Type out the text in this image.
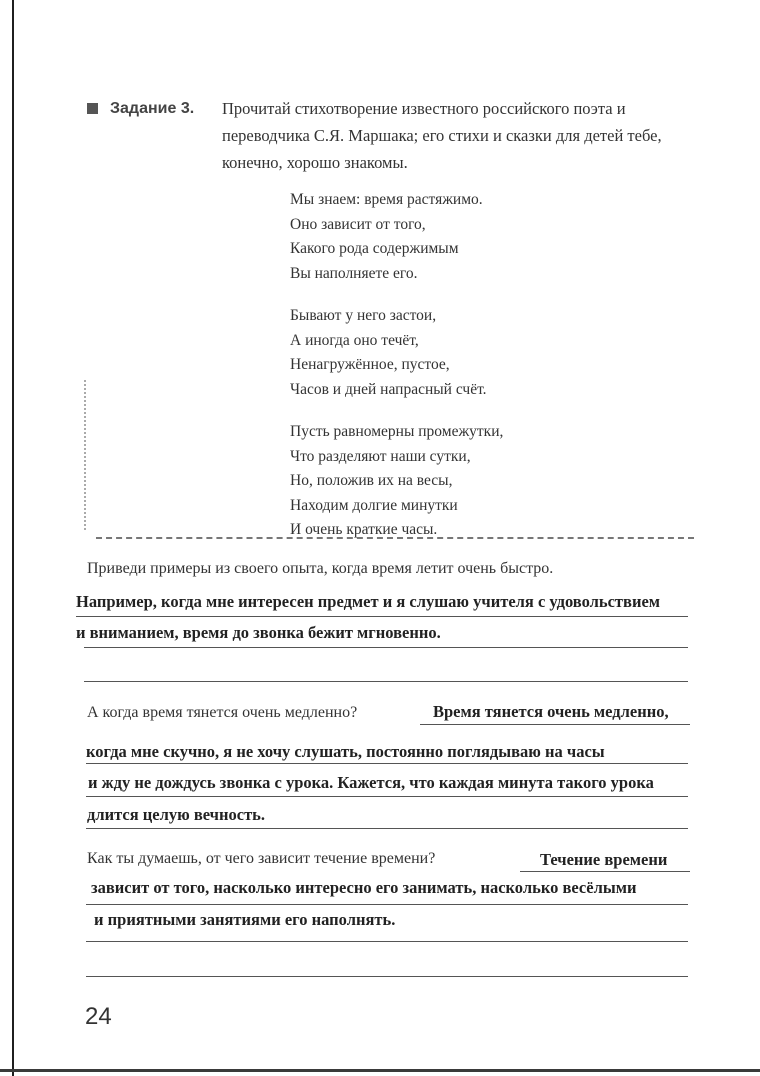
Задание 3. Прочитай стихотворение известного российского поэта и переводчика С.Я. Маршака; его стихи и сказки для детей тебе, конечно, хорошо знакомы.
Мы знаем: время растяжимо.
Оно зависит от того,
Какого рода содержимым
Вы наполняете его.
Бывают у него застои,
А иногда оно течёт,
Ненагружённое, пустое,
Часов и дней напрасный счёт.
Пусть равномерны промежутки,
Что разделяют наши сутки,
Но, положив их на весы,
Находим долгие минутки
И очень краткие часы.
Приведи примеры из своего опыта, когда время летит очень быстро.
Например, когда мне интересен предмет и я слушаю учителя с удовольствием
и вниманием, время до звонка бежит мгновенно.
А когда время тянется очень медленно?	Время тянется очень медленно,
когда мне скучно, я не хочу слушать, постоянно поглядываю на часы
и жду не дождусь звонка с урока. Кажется, что каждая минута такого урока
длится целую вечность.
Как ты думаешь, от чего зависит течение времени?	Течение времени
зависит от того, насколько интересно его занимать, насколько весёлыми
и приятными занятиями его наполнять.
24
